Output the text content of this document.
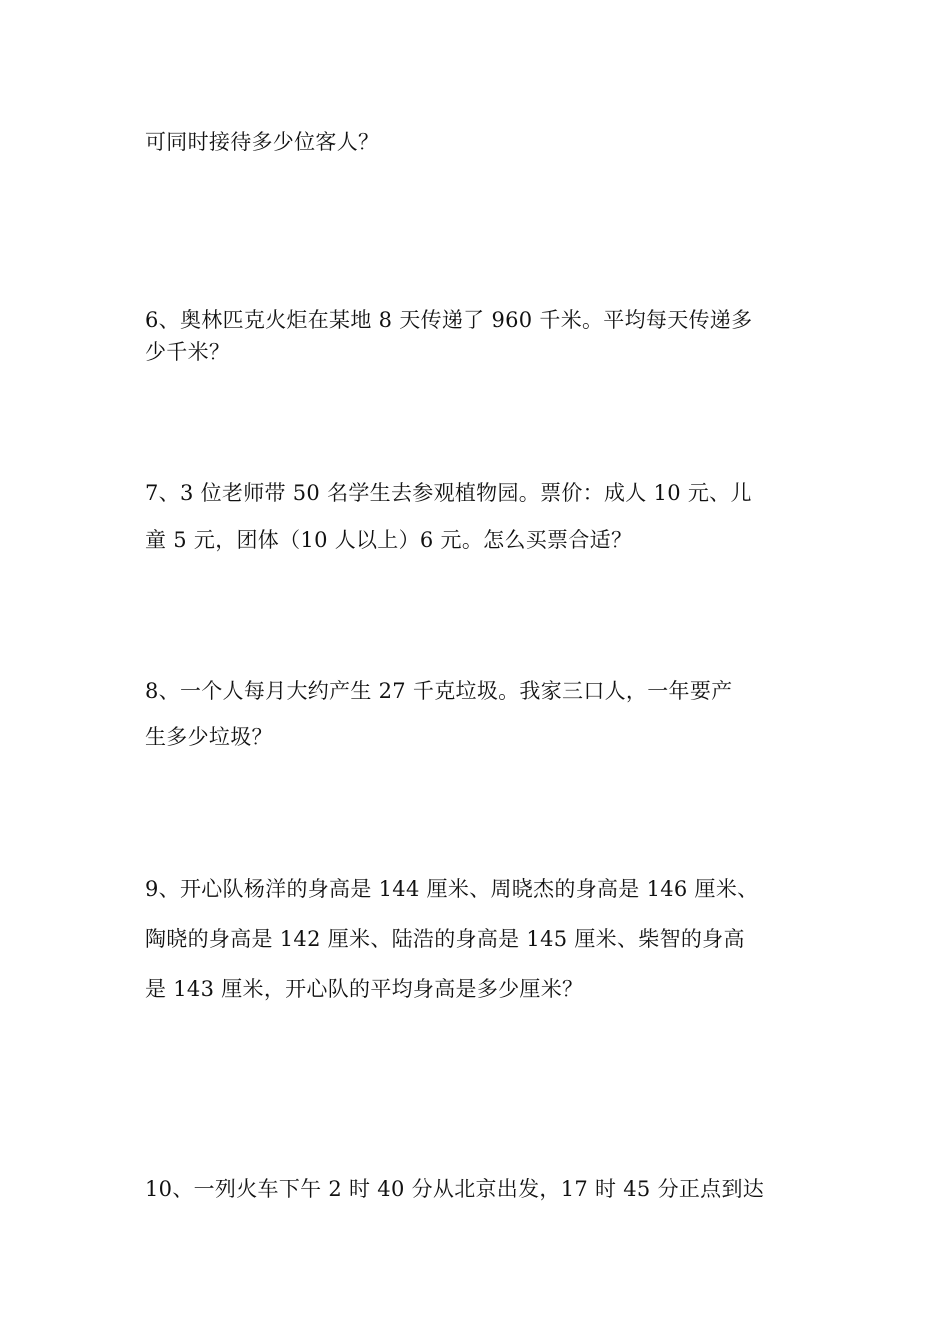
可同时接待多少位客人？

6、奥林匹克火炬在某地 8 天传递了 960 千米。平均每天传递多

少千米？

7、3 位老师带 50 名学生去参观植物园。票价：成人 10 元、儿

童 5 元，团体（10 人以上）6 元。怎么买票合适？

8、一个人每月大约产生 27 千克垃圾。我家三口人，一年要产

生多少垃圾？

9、开心队杨洋的身高是 144 厘米、周晓杰的身高是 146 厘米、

陶晓的身高是 142 厘米、陆浩的身高是 145 厘米、柴智的身高

是 143 厘米，开心队的平均身高是多少厘米？

10、一列火车下午 2 时 40 分从北京出发，17 时 45 分正点到达
